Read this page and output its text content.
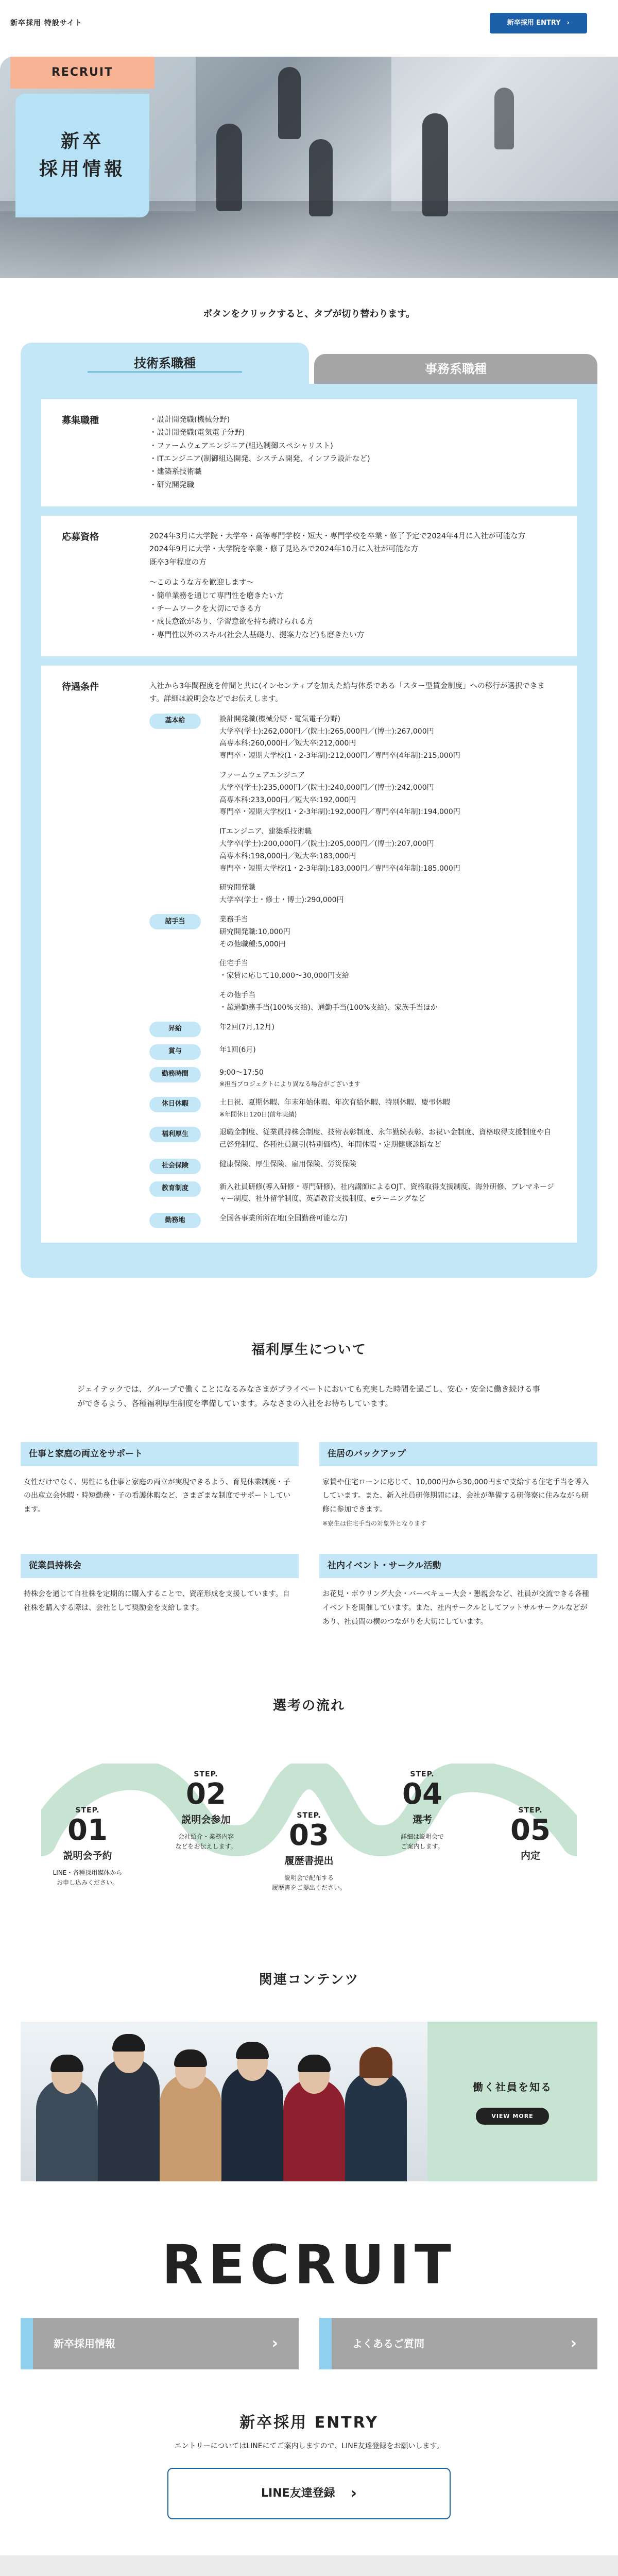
新卒採用 特設サイト	新卒採用 ENTRY ›
RECRUIT
新卒
採用情報
ボタンをクリックすると、タブが切り替わります。
技術系職種	事務系職種
募集職種	・設計開発職(機械分野)
・設計開発職(電気電子分野)
・ファームウェアエンジニア(組込制御スペシャリスト)
・ITエンジニア(制御組込開発、システム開発、インフラ設計など)
・建築系技術職
・研究開発職
応募資格	2024年3月に大学院・大学卒・高等専門学校・短大・専門学校を卒業・修了予定で2024年4月に入社が可能な方
2024年9月に大学・大学院を卒業・修了見込みで2024年10月に入社が可能な方
既卒3年程度の方
～このような方を歓迎します～
・簡単業務を通じて専門性を磨きたい方
・チームワークを大切にできる方
・成長意欲があり、学習意欲を持ち続けられる方
・専門性以外のスキル(社会人基礎力、提案力など)も磨きたい方
待遇条件	入社から3年間程度を仲間と共に(インセンティブを加えた給与体系である「スター型賃金制度」への移行が選択できます。詳細は説明会などでお伝えします。
基本給	設計開発職(機械分野・電気電子分野)
大学卒(学士):262,000円／(院士):265,000円／(博士):267,000円
高専本科:260,000円／短大卒:212,000円
専門卒・短期大学校(1・2-3年制):212,000円／専門卒(4年制):215,000円
ファームウェアエンジニア
大学卒(学士):235,000円／(院士):240,000円／(博士):242,000円
高専本科:233,000円／短大卒:192,000円
専門卒・短期大学校(1・2-3年制):192,000円／専門卒(4年制):194,000円
ITエンジニア、建築系技術職
大学卒(学士):200,000円／(院士):205,000円／(博士):207,000円
高専本科:198,000円／短大卒:183,000円
専門卒・短期大学校(1・2-3年制):183,000円／専門卒(4年制):185,000円
研究開発職
大学卒(学士・修士・博士):290,000円
諸手当	業務手当
研究開発職:10,000円
その他職種:5,000円
住宅手当
・家賃に応じて10,000～30,000円支給
その他手当
・超過勤務手当(100%支給)、通勤手当(100%支給)、家族手当ほか
昇給	年2回(7月,12月)
賞与	年1回(6月)
勤務時間	9:00～17:50
※担当プロジェクトにより異なる場合がございます
休日休暇	土日祝、夏期休暇、年末年始休暇、年次有給休暇、特別休暇、慶弔休暇
※年間休日120日(前年実績)
福利厚生	退職金制度、従業員持株会制度、技術表彰制度、永年勤続表彰、お祝い金制度、資格取得支援制度や自己啓発制度、各種社員割引(特別価格)、年間休暇・定期健康診断など
社会保険	健康保険、厚生保険、雇用保険、労災保険
教育制度	新入社員研修(導入研修・専門研修)、社内講師によるOJT、資格取得支援制度、海外研修、ブレマネージャー制度、社外留学制度、英語教育支援制度、eラーニングなど
勤務地	全国各事業所所在地(全国勤務可能な方)
福利厚生について
ジェイテックでは、グループで働くことになるみなさまがプライベートにおいても充実した時間を過ごし、安心・安全に働き続ける事ができるよう、各種福利厚生制度を準備しています。みなさまの入社をお待ちしています。
仕事と家庭の両立をサポート
女性だけでなく、男性にも仕事と家庭の両立が実現できるよう、育児休業制度・子の出産立会休暇・時短勤務・子の看護休暇など、さまざまな制度でサポートしています。
住居のバックアップ
家賃や住宅ローンに応じて、10,000円から30,000円まで支給する住宅手当を導入しています。また、新入社員研修期間には、会社が準備する研修寮に住みながら研修に参加できます。
※寮生は住宅手当の対象外となります
従業員持株会
持株会を通じて自社株を定期的に購入することで、資産形成を支援しています。自社株を購入する際は、会社として奨励金を支給します。
社内イベント・サークル活動
お花見・ボウリング大会・バーベキュー大会・懇親会など、社員が交流できる各種イベントを開催しています。また、社内サークルとしてフットサルサークルなどがあり、社員間の横のつながりを大切にしています。
選考の流れ
STEP.
01
説明会予約
LINE・各種採用媒体から
お申し込みください。
STEP.
02
説明会参加
会社紹介・業務内容
などをお伝えします。
STEP.
03
履歴書提出
説明会で配布する
履歴書をご提出ください。
STEP.
04
選考
詳細は説明会で
ご案内します。
STEP.
05
内定
関連コンテンツ
働く社員を知る
VIEW MORE
RECRUIT
新卒採用情報	›	よくあるご質問	›
新卒採用 ENTRY
エントリーについてはLINEにてご案内しますので、LINE友達登録をお願いします。
LINE友達登録 ›
